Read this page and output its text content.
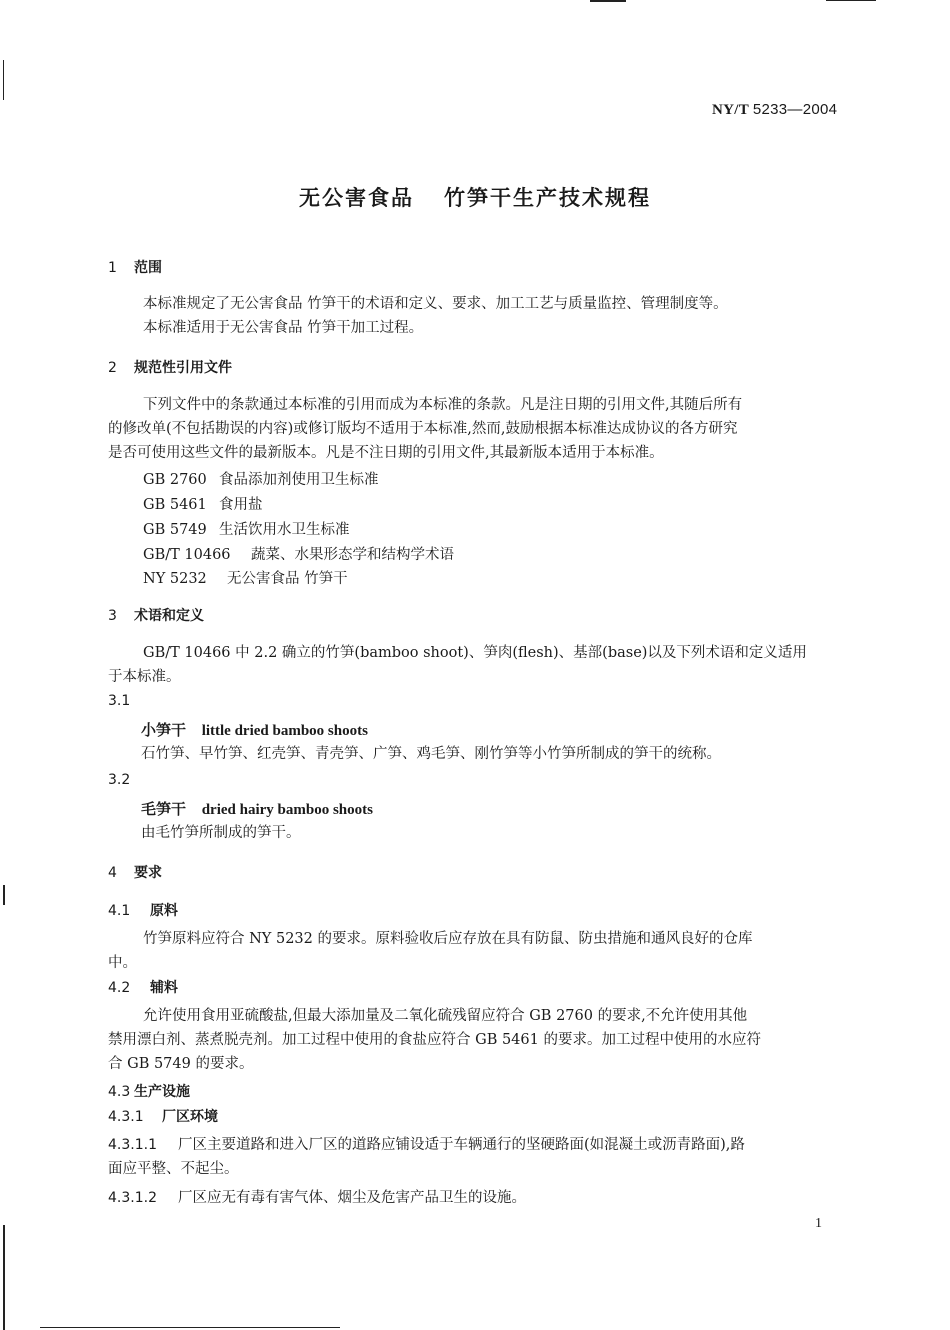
NY/T 5233—2004
无公害食品 竹笋干生产技术规程
1 范围
本标准规定了无公害食品 竹笋干的术语和定义、要求、加工工艺与质量监控、管理制度等。
本标准适用于无公害食品 竹笋干加工过程。
2 规范性引用文件
下列文件中的条款通过本标准的引用而成为本标准的条款。凡是注日期的引用文件,其随后所有
的修改单(不包括勘误的内容)或修订版均不适用于本标准,然而,鼓励根据本标准达成协议的各方研究
是否可使用这些文件的最新版本。凡是不注日期的引用文件,其最新版本适用于本标准。
GB 2760 食品添加剂使用卫生标准
GB 5461 食用盐
GB 5749 生活饮用水卫生标准
GB/T 10466 蔬菜、水果形态学和结构学术语
NY 5232 无公害食品 竹笋干
3 术语和定义
GB/T 10466 中 2.2 确立的竹笋(bamboo shoot)、笋肉(flesh)、基部(base)以及下列术语和定义适用
于本标准。
3.1
小笋干 little dried bamboo shoots
石竹笋、早竹笋、红壳笋、青壳笋、广笋、鸡毛笋、刚竹笋等小竹笋所制成的笋干的统称。
3.2
毛笋干 dried hairy bamboo shoots
由毛竹笋所制成的笋干。
4 要求
4.1 原料
竹笋原料应符合 NY 5232 的要求。原料验收后应存放在具有防鼠、防虫措施和通风良好的仓库
中。
4.2 辅料
允许使用食用亚硫酸盐,但最大添加量及二氧化硫残留应符合 GB 2760 的要求,不允许使用其他
禁用漂白剂、蒸煮脱壳剂。加工过程中使用的食盐应符合 GB 5461 的要求。加工过程中使用的水应符
合 GB 5749 的要求。
4.3 生产设施
4.3.1 厂区环境
4.3.1.1 厂区主要道路和进入厂区的道路应铺设适于车辆通行的坚硬路面(如混凝土或沥青路面),路
面应平整、不起尘。
4.3.1.2 厂区应无有毒有害气体、烟尘及危害产品卫生的设施。
1
